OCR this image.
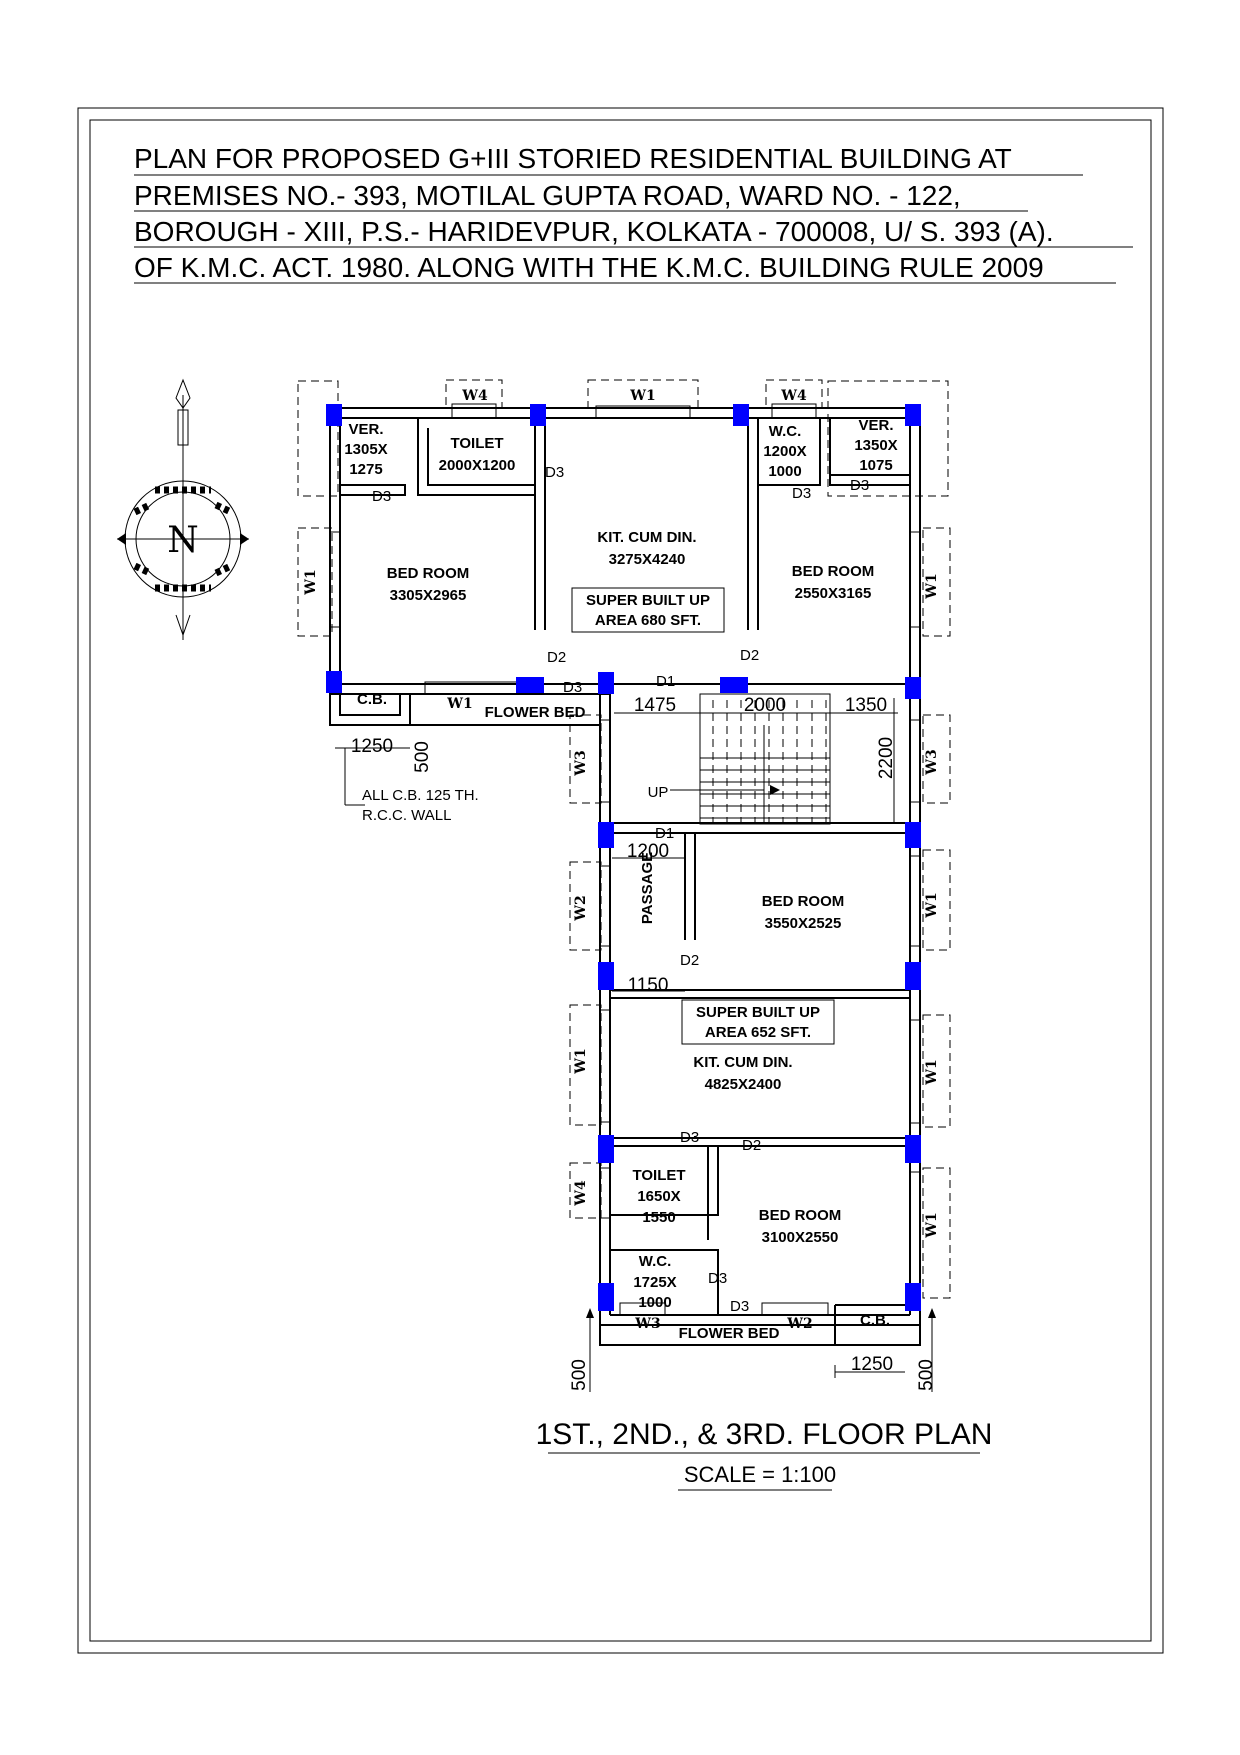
PLAN FOR PROPOSED G+III STORIED RESIDENTIAL BUILDING AT
PREMISES NO.- 393, MOTILAL GUPTA ROAD, WARD NO. - 122,
BOROUGH - XIII, P.S.- HARIDEVPUR, KOLKATA - 700008, U/ S. 393 (A).
OF K.M.C. ACT. 1980. ALONG WITH THE K.M.C. BUILDING RULE 2009
N
VER.
1305X
1275
TOILET
2000X1200
W.C.
1200X
1000
VER.
1350X
1075
BED ROOM
3305X2965
KIT. CUM DIN.
3275X4240
BED ROOM
2550X3165
SUPER BUILT UP
AREA 680 SFT.
BED ROOM
3550X2525
PASSAGE
SUPER BUILT UP
AREA 652 SFT.
KIT. CUM DIN.
4825X2400
TOILET
1650X
1550	BED ROOM
3100X2550
W.C.
1725X
1000
C.B.
C.B.
FLOWER BED
FLOWER BED
UP
D1
D1
D2	D2
D2
D2
D3
D3	D3	D3
D3
D3
D3
D3
W4	W1	W4
W1	W1
W1
W3	W3
W2	W1
W1	W1
W4
W1
W3	W2
1475	2000	1350
2200
1250 500
1200
1150
500	1250 500
ALL C.B. 125 TH.
R.C.C. WALL
1ST., 2ND., & 3RD. FLOOR PLAN
SCALE = 1:100
